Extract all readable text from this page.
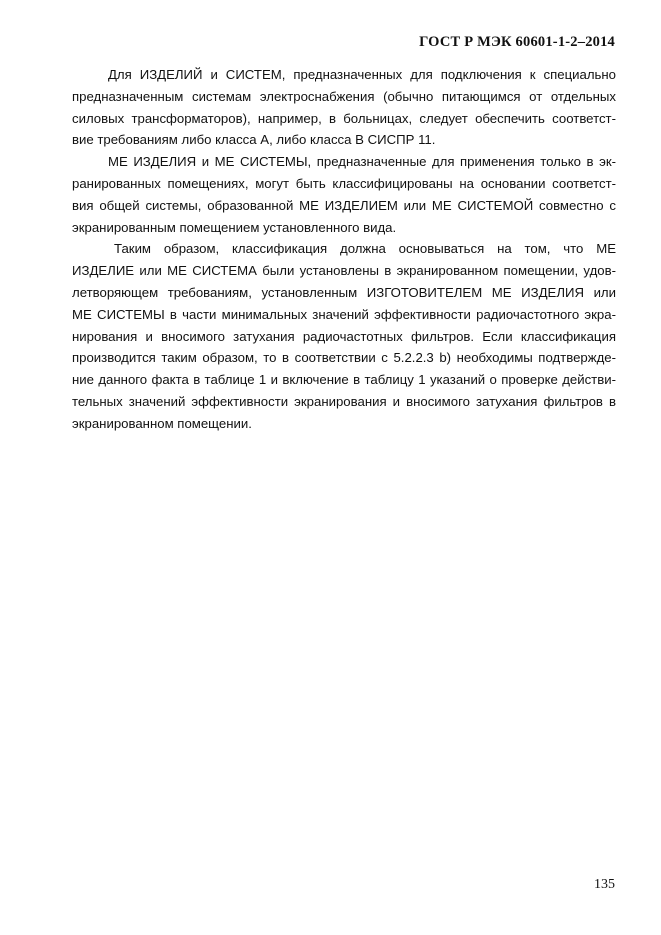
ГОСТ Р МЭК 60601-1-2–2014
Для ИЗДЕЛИЙ и СИСТЕМ, предназначенных для подключения к специально
предназначенным системам электроснабжения (обычно питающимся от отдельных
силовых трансформаторов), например, в больницах, следует обеспечить соответст-
вие требованиям либо класса А, либо класса В СИСПР 11.
МЕ ИЗДЕЛИЯ и МЕ СИСТЕМЫ, предназначенные для применения только в эк-
ранированных помещениях, могут быть классифицированы на основании соответст-
вия общей системы, образованной МЕ ИЗДЕЛИЕМ или МЕ СИСТЕМОЙ совместно с
экранированным помещением установленного вида.
Таким образом, классификация должна основываться на том, что МЕ
ИЗДЕЛИЕ или МЕ СИСТЕМА были установлены в экранированном помещении, удов-
летворяющем требованиям, установленным ИЗГОТОВИТЕЛЕМ МЕ ИЗДЕЛИЯ или
МЕ СИСТЕМЫ в части минимальных значений эффективности радиочастотного экра-
нирования и вносимого затухания радиочастотных фильтров. Если классификация
производится таким образом, то в соответствии с 5.2.2.3 b) необходимы подтвержде-
ние данного факта в таблице 1 и включение в таблицу 1 указаний о проверке действи-
тельных значений эффективности экранирования и вносимого затухания фильтров в
экранированном помещении.
135
